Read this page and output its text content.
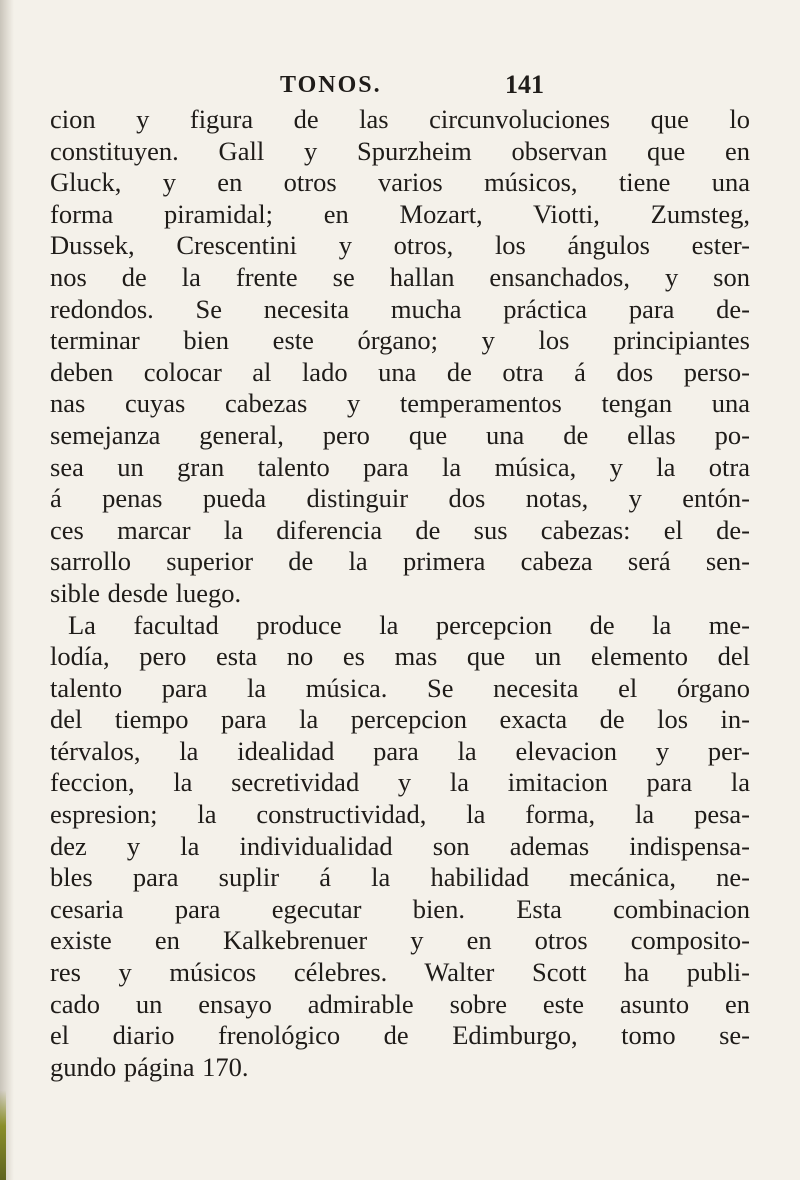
TONOS.	141
cion y figura de las circunvoluciones que lo
constituyen. Gall y Spurzheim observan que en
Gluck, y en otros varios músicos, tiene una
forma piramidal; en Mozart, Viotti, Zumsteg,
Dussek, Crescentini y otros, los ángulos ester-
nos de la frente se hallan ensanchados, y son
redondos. Se necesita mucha práctica para de-
terminar bien este órgano; y los principiantes
deben colocar al lado una de otra á dos perso-
nas cuyas cabezas y temperamentos tengan una
semejanza general, pero que una de ellas po-
sea un gran talento para la música, y la otra
á penas pueda distinguir dos notas, y entón-
ces marcar la diferencia de sus cabezas: el de-
sarrollo superior de la primera cabeza será sen-
sible desde luego.
La facultad produce la percepcion de la me-
lodía, pero esta no es mas que un elemento del
talento para la música. Se necesita el órgano
del tiempo para la percepcion exacta de los in-
térvalos, la idealidad para la elevacion y per-
feccion, la secretividad y la imitacion para la
espresion; la constructividad, la forma, la pesa-
dez y la individualidad son ademas indispensa-
bles para suplir á la habilidad mecánica, ne-
cesaria para egecutar bien. Esta combinacion
existe en Kalkebrenuer y en otros composito-
res y músicos célebres. Walter Scott ha publi-
cado un ensayo admirable sobre este asunto en
el diario frenológico de Edimburgo, tomo se-
gundo página 170.
